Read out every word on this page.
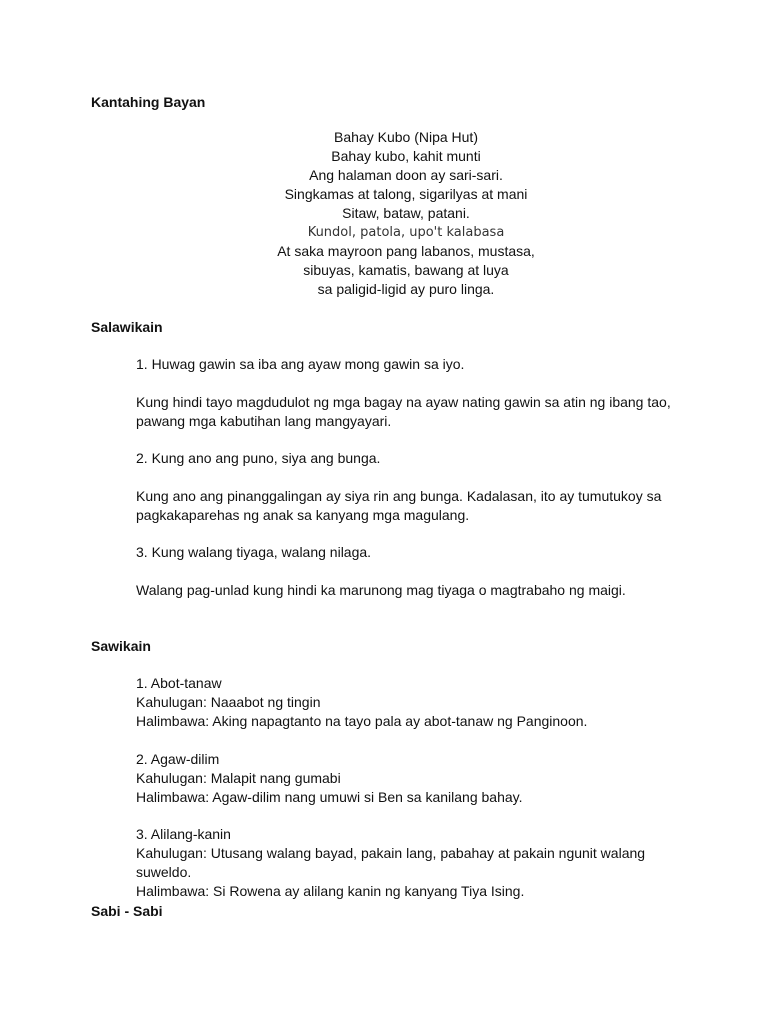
Kantahing Bayan
Bahay Kubo (Nipa Hut)
Bahay kubo, kahit munti
Ang halaman doon ay sari-sari.
Singkamas at talong, sigarilyas at mani
Sitaw, bataw, patani.
Kundol, patola, upo't kalabasa
At saka mayroon pang labanos, mustasa,
sibuyas, kamatis, bawang at luya
sa paligid-ligid ay puro linga.
Salawikain

1. Huwag gawin sa iba ang ayaw mong gawin sa iyo.

Kung hindi tayo magdudulot ng mga bagay na ayaw nating gawin sa atin ng ibang tao,

pawang mga kabutihan lang mangyayari.

2. Kung ano ang puno, siya ang bunga.

Kung ano ang pinanggalingan ay siya rin ang bunga. Kadalasan, ito ay tumutukoy sa

pagkakaparehas ng anak sa kanyang mga magulang.

3. Kung walang tiyaga, walang nilaga.

Walang pag-unlad kung hindi ka marunong mag tiyaga o magtrabaho ng maigi.

Sawikain

1. Abot-tanaw

Kahulugan: Naaabot ng tingin

Halimbawa: Aking napagtanto na tayo pala ay abot-tanaw ng Panginoon.

2. Agaw-dilim

Kahulugan: Malapit nang gumabi

Halimbawa: Agaw-dilim nang umuwi si Ben sa kanilang bahay.

3. Alilang-kanin

Kahulugan: Utusang walang bayad, pakain lang, pabahay at pakain ngunit walang

suweldo.

Halimbawa: Si Rowena ay alilang kanin ng kanyang Tiya Ising.

Sabi - Sabi
